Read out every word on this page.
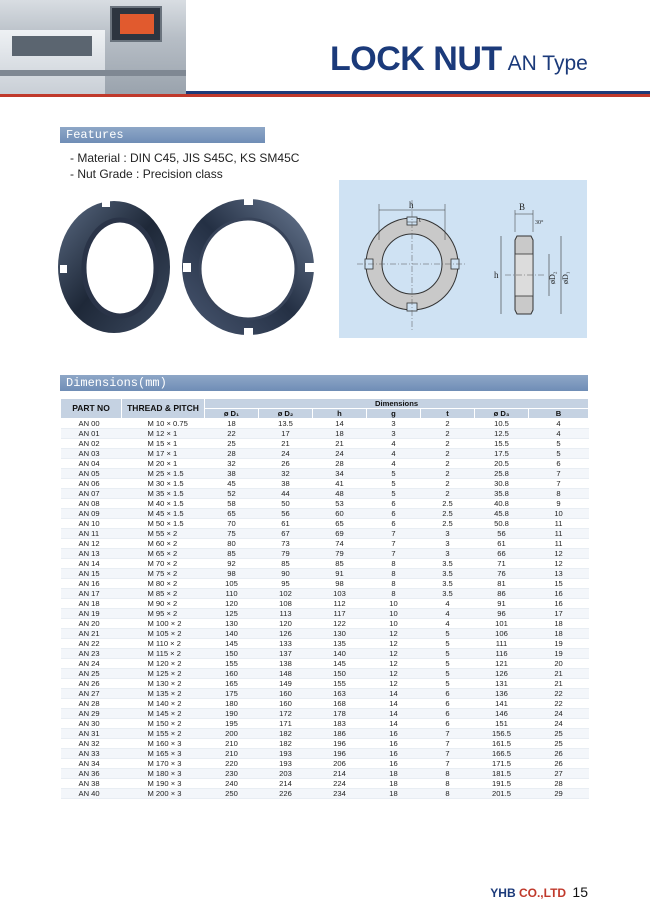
LOCK NUT AN Type
Features
- Material : DIN C45, JIS S45C, KS SM45C
- Nut Grade : Precision class
h
t
B
30°
h	øD₂ øD₁
Dimensions(mm)
PART NO	THREAD & PITCH	Dimensions						
		ø D₁	ø D₂	h	g	t	ø D₃	B
AN 00	M 10 × 0.75	18	13.5	14	3	2	10.5	4
AN 01	M 12 × 1	22	17	18	3	2	12.5	4
AN 02	M 15 × 1	25	21	21	4	2	15.5	5
AN 03	M 17 × 1	28	24	24	4	2	17.5	5
AN 04	M 20 × 1	32	26	28	4	2	20.5	6
AN 05	M 25 × 1.5	38	32	34	5	2	25.8	7
AN 06	M 30 × 1.5	45	38	41	5	2	30.8	7
AN 07	M 35 × 1.5	52	44	48	5	2	35.8	8
AN 08	M 40 × 1.5	58	50	53	6	2.5	40.8	9
AN 09	M 45 × 1.5	65	56	60	6	2.5	45.8	10
AN 10	M 50 × 1.5	70	61	65	6	2.5	50.8	11
AN 11	M 55 × 2	75	67	69	7	3	56	11
AN 12	M 60 × 2	80	73	74	7	3	61	11
AN 13	M 65 × 2	85	79	79	7	3	66	12
AN 14	M 70 × 2	92	85	85	8	3.5	71	12
AN 15	M 75 × 2	98	90	91	8	3.5	76	13
AN 16	M 80 × 2	105	95	98	8	3.5	81	15
AN 17	M 85 × 2	110	102	103	8	3.5	86	16
AN 18	M 90 × 2	120	108	112	10	4	91	16
AN 19	M 95 × 2	125	113	117	10	4	96	17
AN 20	M 100 × 2	130	120	122	10	4	101	18
AN 21	M 105 × 2	140	126	130	12	5	106	18
AN 22	M 110 × 2	145	133	135	12	5	111	19
AN 23	M 115 × 2	150	137	140	12	5	116	19
AN 24	M 120 × 2	155	138	145	12	5	121	20
AN 25	M 125 × 2	160	148	150	12	5	126	21
AN 26	M 130 × 2	165	149	155	12	5	131	21
AN 27	M 135 × 2	175	160	163	14	6	136	22
AN 28	M 140 × 2	180	160	168	14	6	141	22
AN 29	M 145 × 2	190	172	178	14	6	146	24
AN 30	M 150 × 2	195	171	183	14	6	151	24
AN 31	M 155 × 2	200	182	186	16	7	156.5	25
AN 32	M 160 × 3	210	182	196	16	7	161.5	25
AN 33	M 165 × 3	210	193	196	16	7	166.5	26
AN 34	M 170 × 3	220	193	206	16	7	171.5	26
AN 36	M 180 × 3	230	203	214	18	8	181.5	27
AN 38	M 190 × 3	240	214	224	18	8	191.5	28
AN 40	M 200 × 3	250	226	234	18	8	201.5	29
YHB CO.,LTD 15
